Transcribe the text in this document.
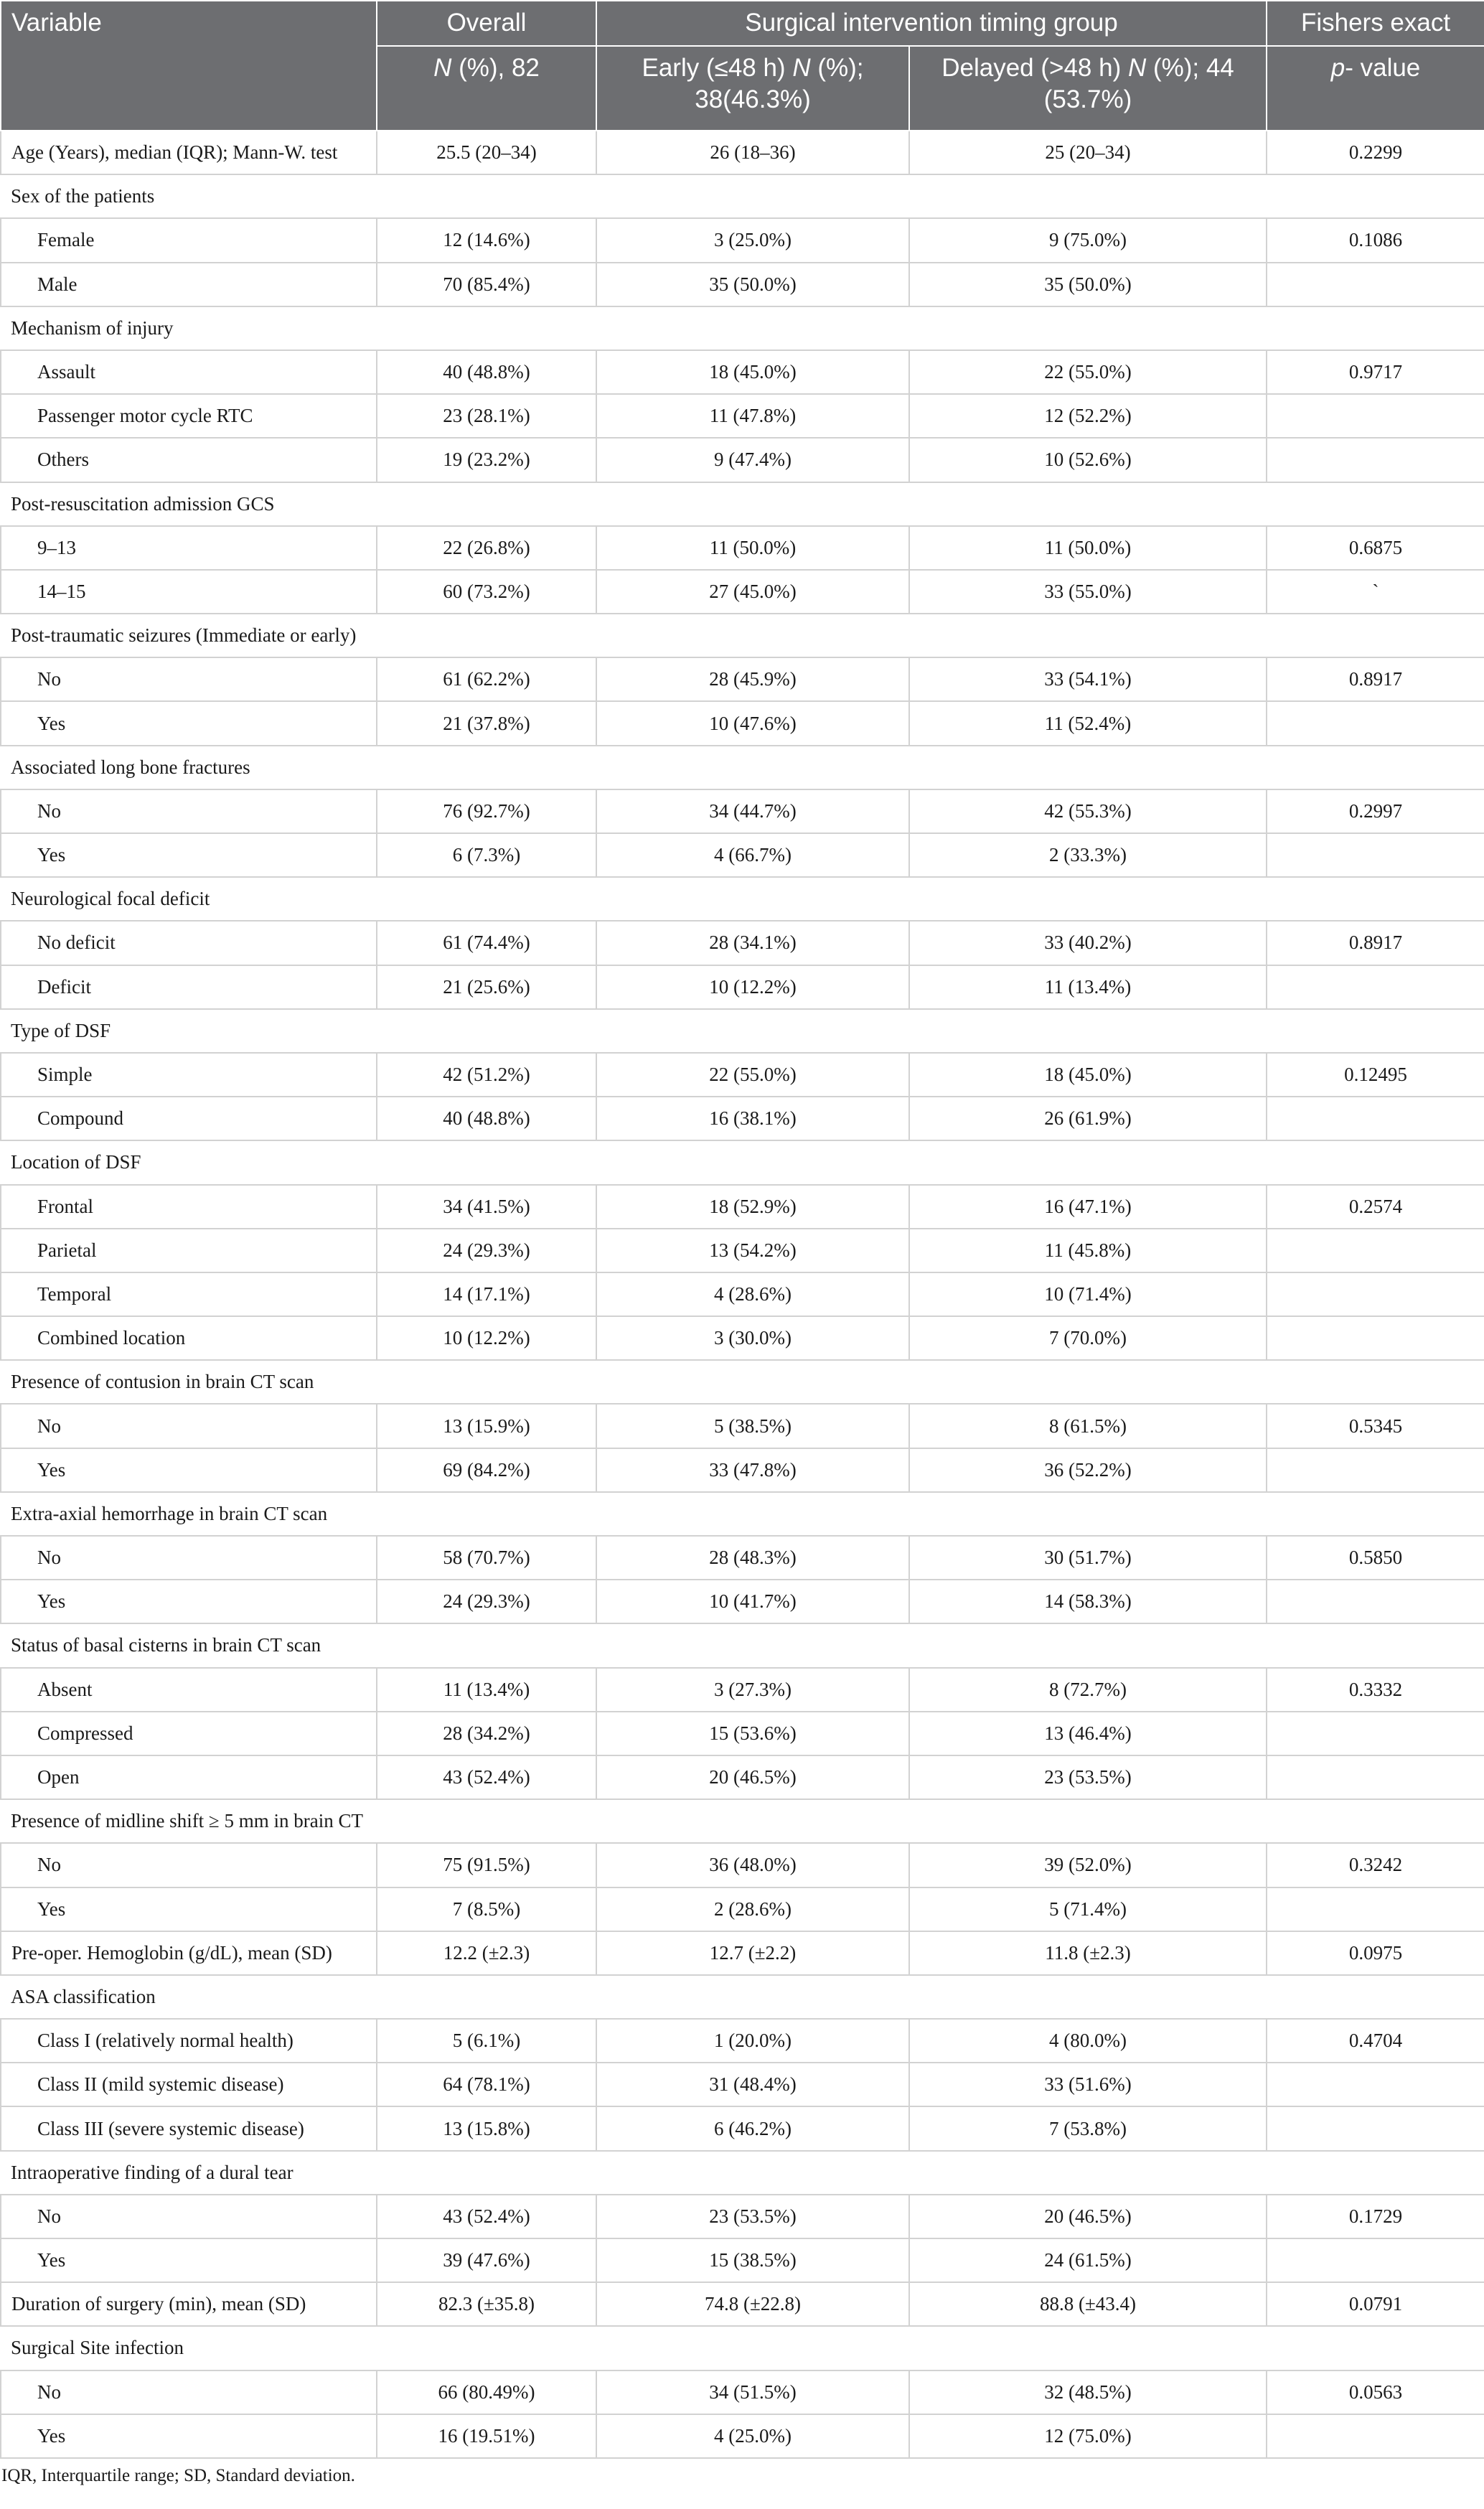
Variable	Overall	Surgical intervention timing group		Fishers exact
	N (%), 82	Early (≤48 h) N (%); 38(46.3%)	Delayed (>48 h) N (%); 44 (53.7%)	p- value
Age (Years), median (IQR); Mann-W. test	25.5 (20–34)	26 (18–36)	25 (20–34)	0.2299
Sex of the patients				
Female	12 (14.6%)	3 (25.0%)	9 (75.0%)	0.1086
Male	70 (85.4%)	35 (50.0%)	35 (50.0%)	
Mechanism of injury				
Assault	40 (48.8%)	18 (45.0%)	22 (55.0%)	0.9717
Passenger motor cycle RTC	23 (28.1%)	11 (47.8%)	12 (52.2%)	
Others	19 (23.2%)	9 (47.4%)	10 (52.6%)	
Post-resuscitation admission GCS				
9–13	22 (26.8%)	11 (50.0%)	11 (50.0%)	0.6875
14–15	60 (73.2%)	27 (45.0%)	33 (55.0%)	`
Post-traumatic seizures (Immediate or early)				
No	61 (62.2%)	28 (45.9%)	33 (54.1%)	0.8917
Yes	21 (37.8%)	10 (47.6%)	11 (52.4%)	
Associated long bone fractures				
No	76 (92.7%)	34 (44.7%)	42 (55.3%)	0.2997
Yes	6 (7.3%)	4 (66.7%)	2 (33.3%)	
Neurological focal deficit				
No deficit	61 (74.4%)	28 (34.1%)	33 (40.2%)	0.8917
Deficit	21 (25.6%)	10 (12.2%)	11 (13.4%)	
Type of DSF				
Simple	42 (51.2%)	22 (55.0%)	18 (45.0%)	0.12495
Compound	40 (48.8%)	16 (38.1%)	26 (61.9%)	
Location of DSF				
Frontal	34 (41.5%)	18 (52.9%)	16 (47.1%)	0.2574
Parietal	24 (29.3%)	13 (54.2%)	11 (45.8%)	
Temporal	14 (17.1%)	4 (28.6%)	10 (71.4%)	
Combined location	10 (12.2%)	3 (30.0%)	7 (70.0%)	
Presence of contusion in brain CT scan				
No	13 (15.9%)	5 (38.5%)	8 (61.5%)	0.5345
Yes	69 (84.2%)	33 (47.8%)	36 (52.2%)	
Extra-axial hemorrhage in brain CT scan				
No	58 (70.7%)	28 (48.3%)	30 (51.7%)	0.5850
Yes	24 (29.3%)	10 (41.7%)	14 (58.3%)	
Status of basal cisterns in brain CT scan				
Absent	11 (13.4%)	3 (27.3%)	8 (72.7%)	0.3332
Compressed	28 (34.2%)	15 (53.6%)	13 (46.4%)	
Open	43 (52.4%)	20 (46.5%)	23 (53.5%)	
Presence of midline shift ≥ 5 mm in brain CT				
No	75 (91.5%)	36 (48.0%)	39 (52.0%)	0.3242
Yes	7 (8.5%)	2 (28.6%)	5 (71.4%)	
Pre-oper. Hemoglobin (g/dL), mean (SD)	12.2 (±2.3)	12.7 (±2.2)	11.8 (±2.3)	0.0975
ASA classification				
Class I (relatively normal health)	5 (6.1%)	1 (20.0%)	4 (80.0%)	0.4704
Class II (mild systemic disease)	64 (78.1%)	31 (48.4%)	33 (51.6%)	
Class III (severe systemic disease)	13 (15.8%)	6 (46.2%)	7 (53.8%)	
Intraoperative finding of a dural tear				
No	43 (52.4%)	23 (53.5%)	20 (46.5%)	0.1729
Yes	39 (47.6%)	15 (38.5%)	24 (61.5%)	
Duration of surgery (min), mean (SD)	82.3 (±35.8)	74.8 (±22.8)	88.8 (±43.4)	0.0791
Surgical Site infection				
No	66 (80.49%)	34 (51.5%)	32 (48.5%)	0.0563
Yes	16 (19.51%)	4 (25.0%)	12 (75.0%)	
IQR, Interquartile range; SD, Standard deviation.
